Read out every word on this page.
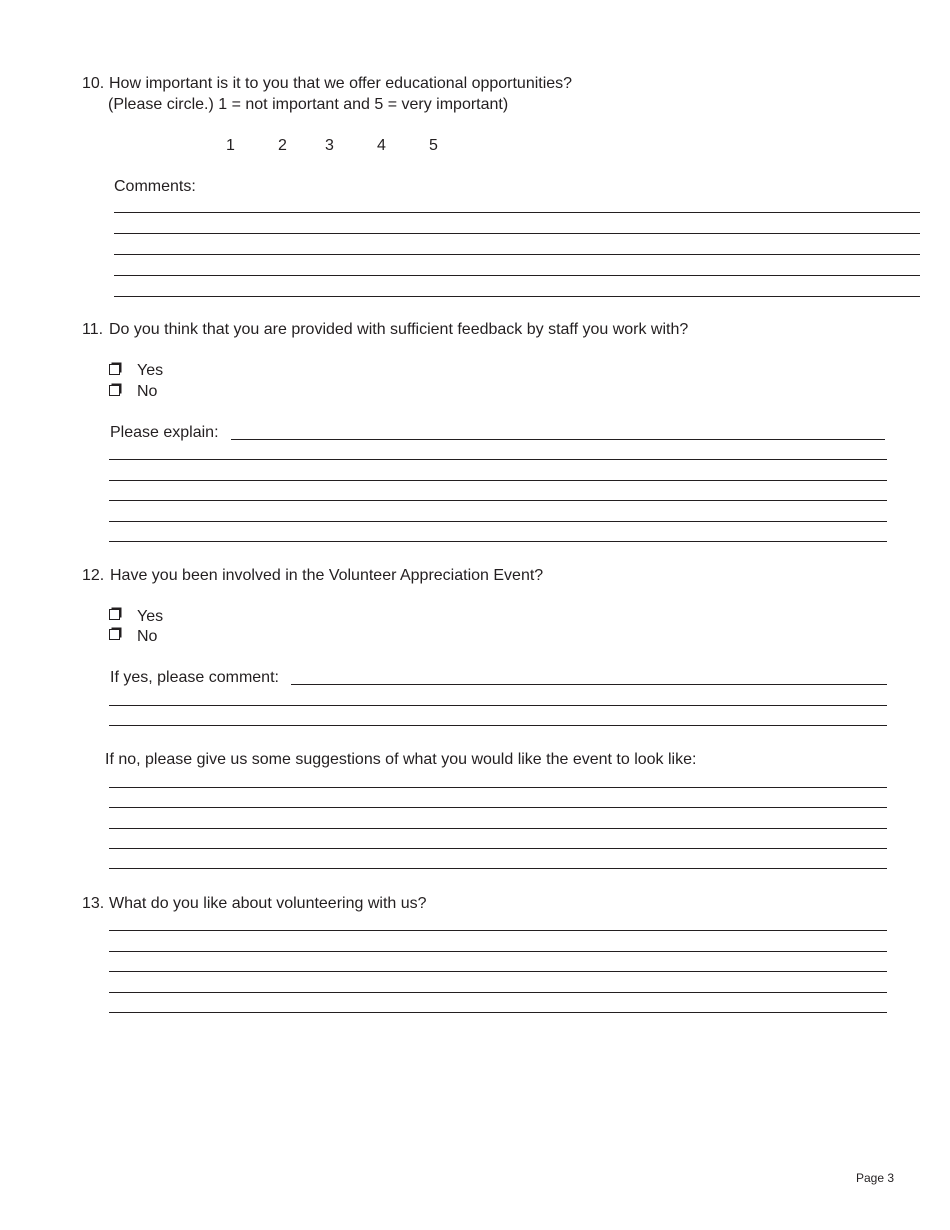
10. How important is it to you that we offer educational opportunities?
(Please circle.) 1 = not important and 5 = very important)
1	2 3	4	5
Comments:
11. Do you think that you are provided with sufficient feedback by staff you work with?
Yes
No
Please explain:
12. Have you been involved in the Volunteer Appreciation Event?
Yes
No
If yes, please comment:
If no, please give us some suggestions of what you would like the event to look like:
13. What do you like about volunteering with us?
Page 3
